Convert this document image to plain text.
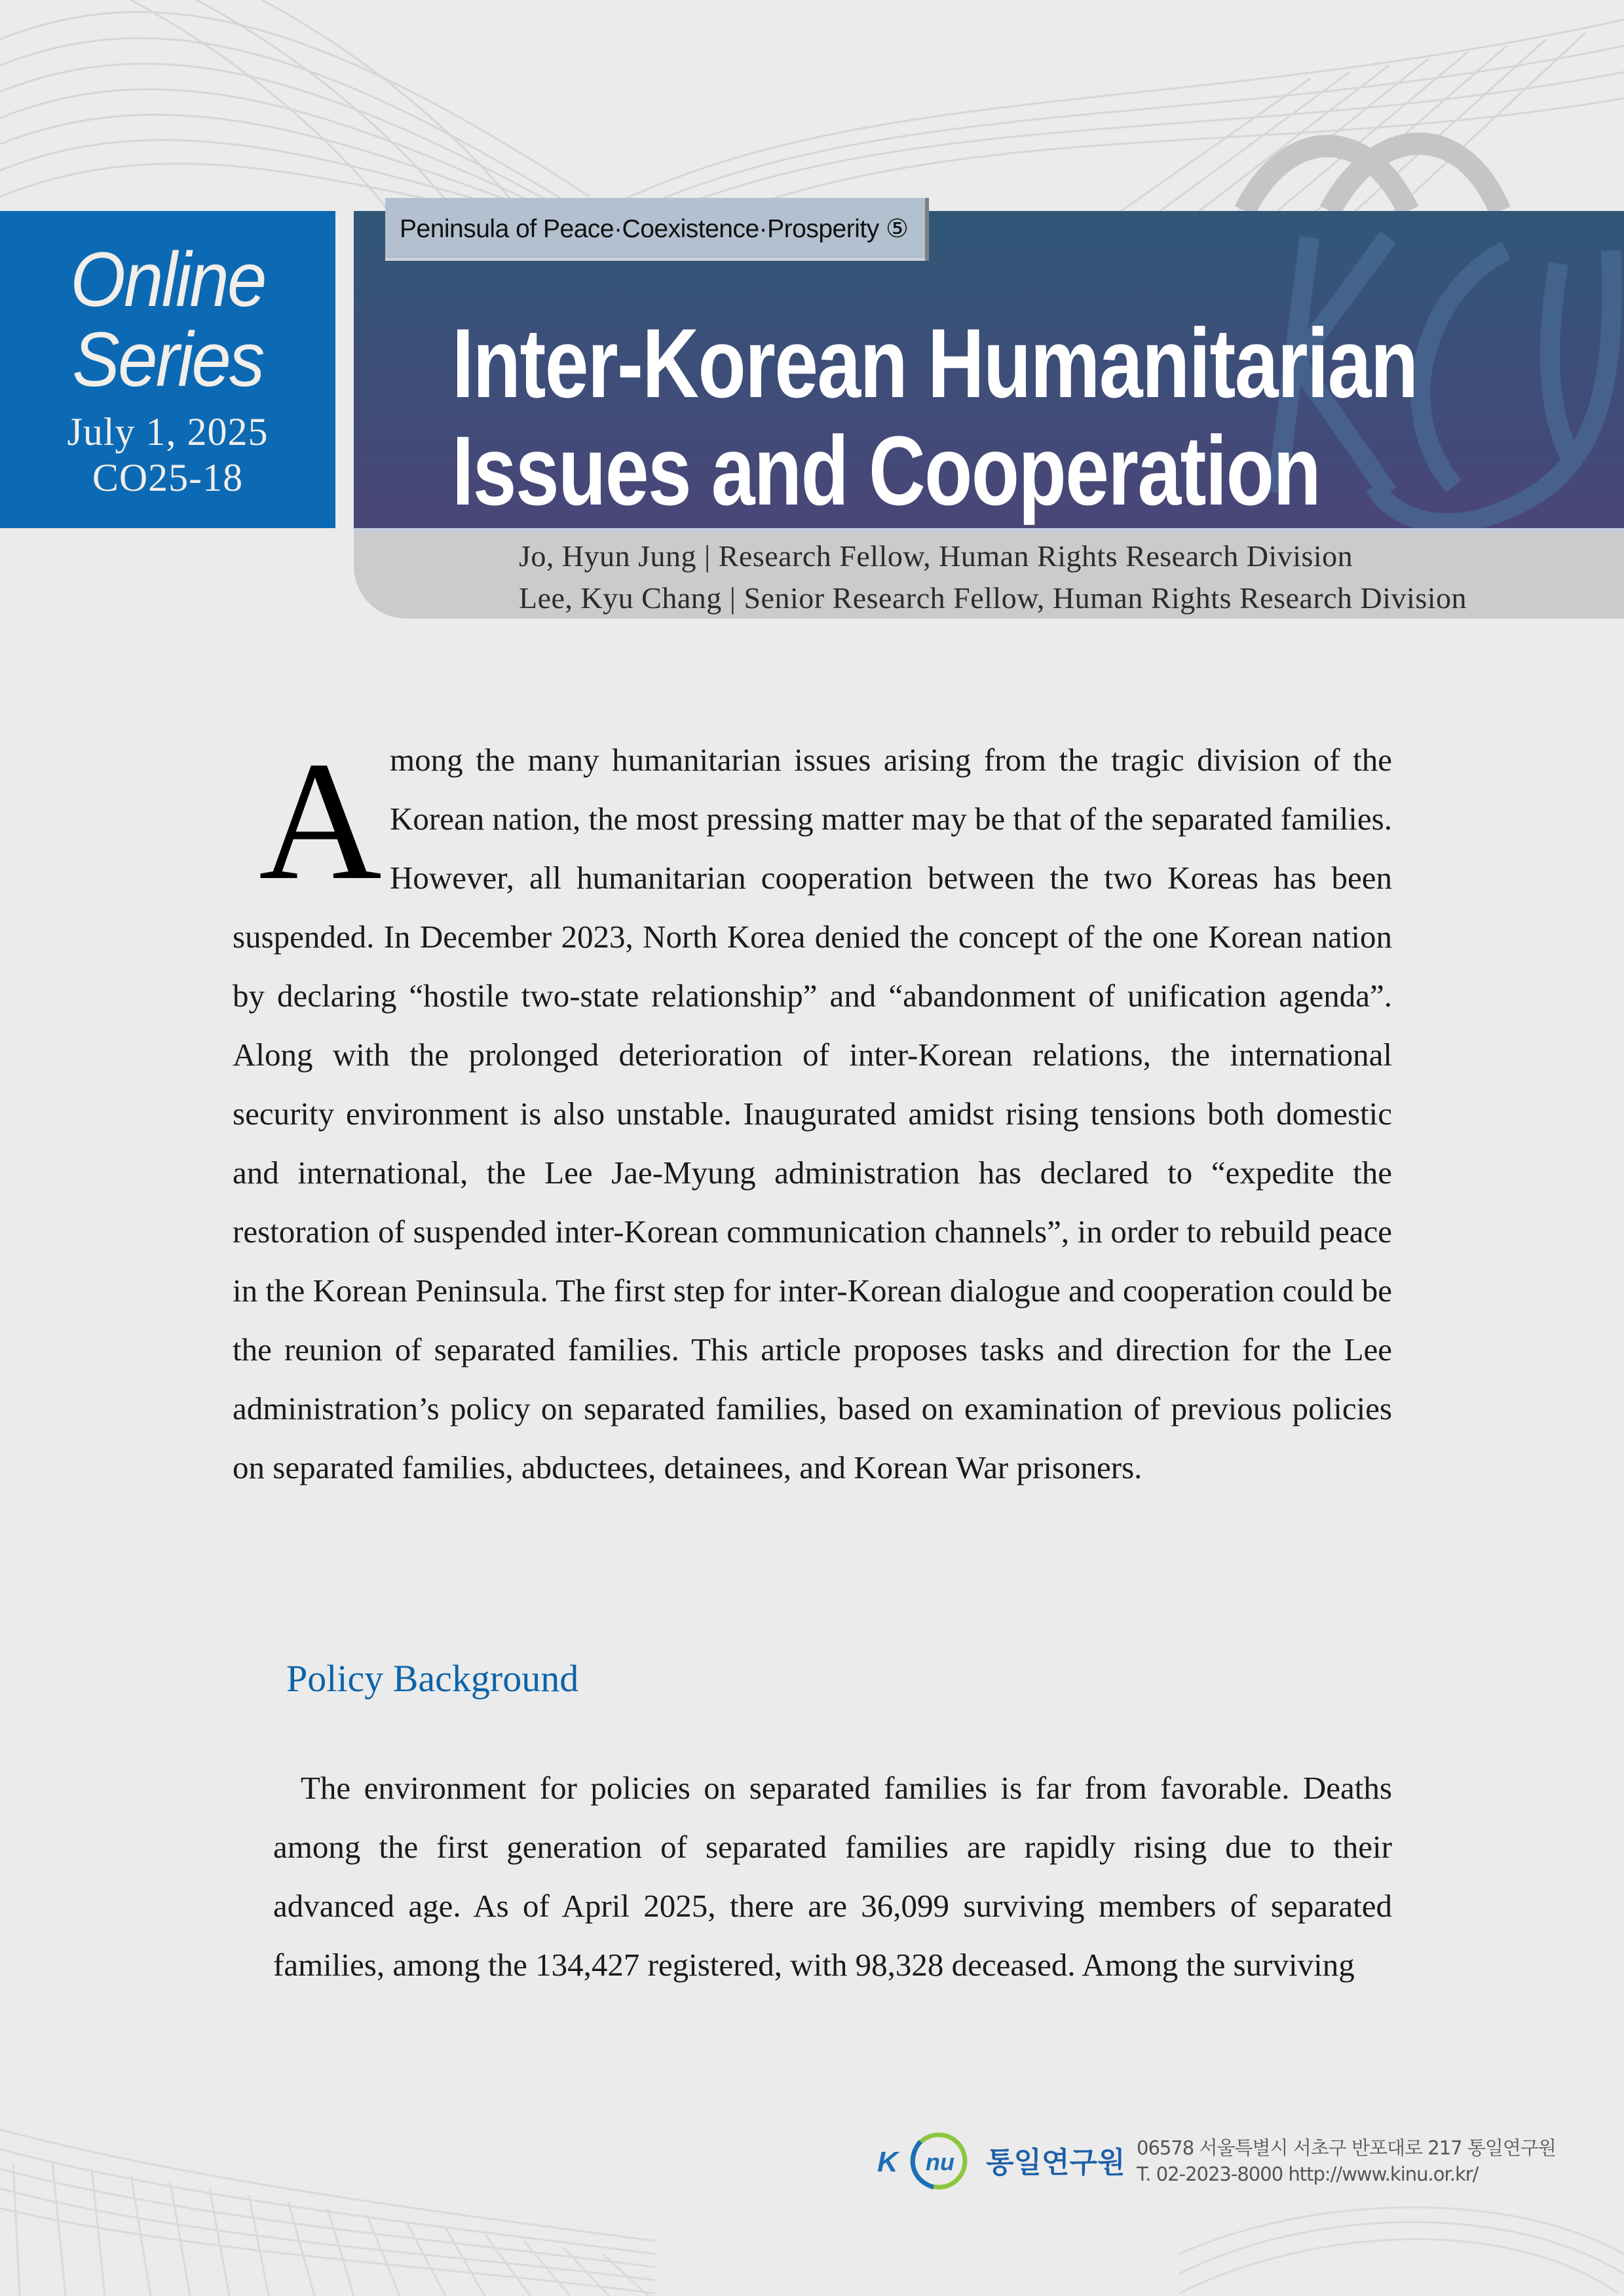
Online
Series
July 1, 2025
CO25-18
Inter-Korean Humanitarian
Issues and Cooperation
Peninsula of Peace·Coexistence·Prosperity ⑤
Jo, Hyun Jung | Research Fellow, Human Rights Research Division
Lee, Kyu Chang | Senior Research Fellow, Human Rights Research Division
A mong the many humanitarian issues arising from the tragic division of the Korean nation, the most pressing matter may be that of the separated families. However, all humanitarian cooperation between the two Koreas has been suspended. In December 2023, North Korea denied the concept of the one Korean nation by declaring “hostile two-state relationship” and “abandonment of unification agenda”. Along with the prolonged deterioration of inter-Korean relations, the international security environment is also unstable. Inaugurated amidst rising tensions both domestic and international, the Lee Jae-Myung administration has declared to “expedite the restoration of suspended inter-Korean communication channels”, in order to rebuild peace in the Korean Peninsula. The first step for inter-Korean dialogue and cooperation could be the reunion of separated families. This article proposes tasks and direction for the Lee administration’s policy on separated families, based on examination of previous policies on separated families, abductees, detainees, and Korean War prisoners.
Policy Background
The environment for policies on separated families is far from favorable. Deaths among the first generation of separated families are rapidly rising due to their advanced age. As of April 2025, there are 36,099 surviving members of separated families, among the 134,427 registered, with 98,328 deceased. Among the surviving
K nu 통일연구원 06578 서울특별시 서초구 반포대로 217 통일연구원
T. 02-2023-8000 http://www.kinu.or.kr/
